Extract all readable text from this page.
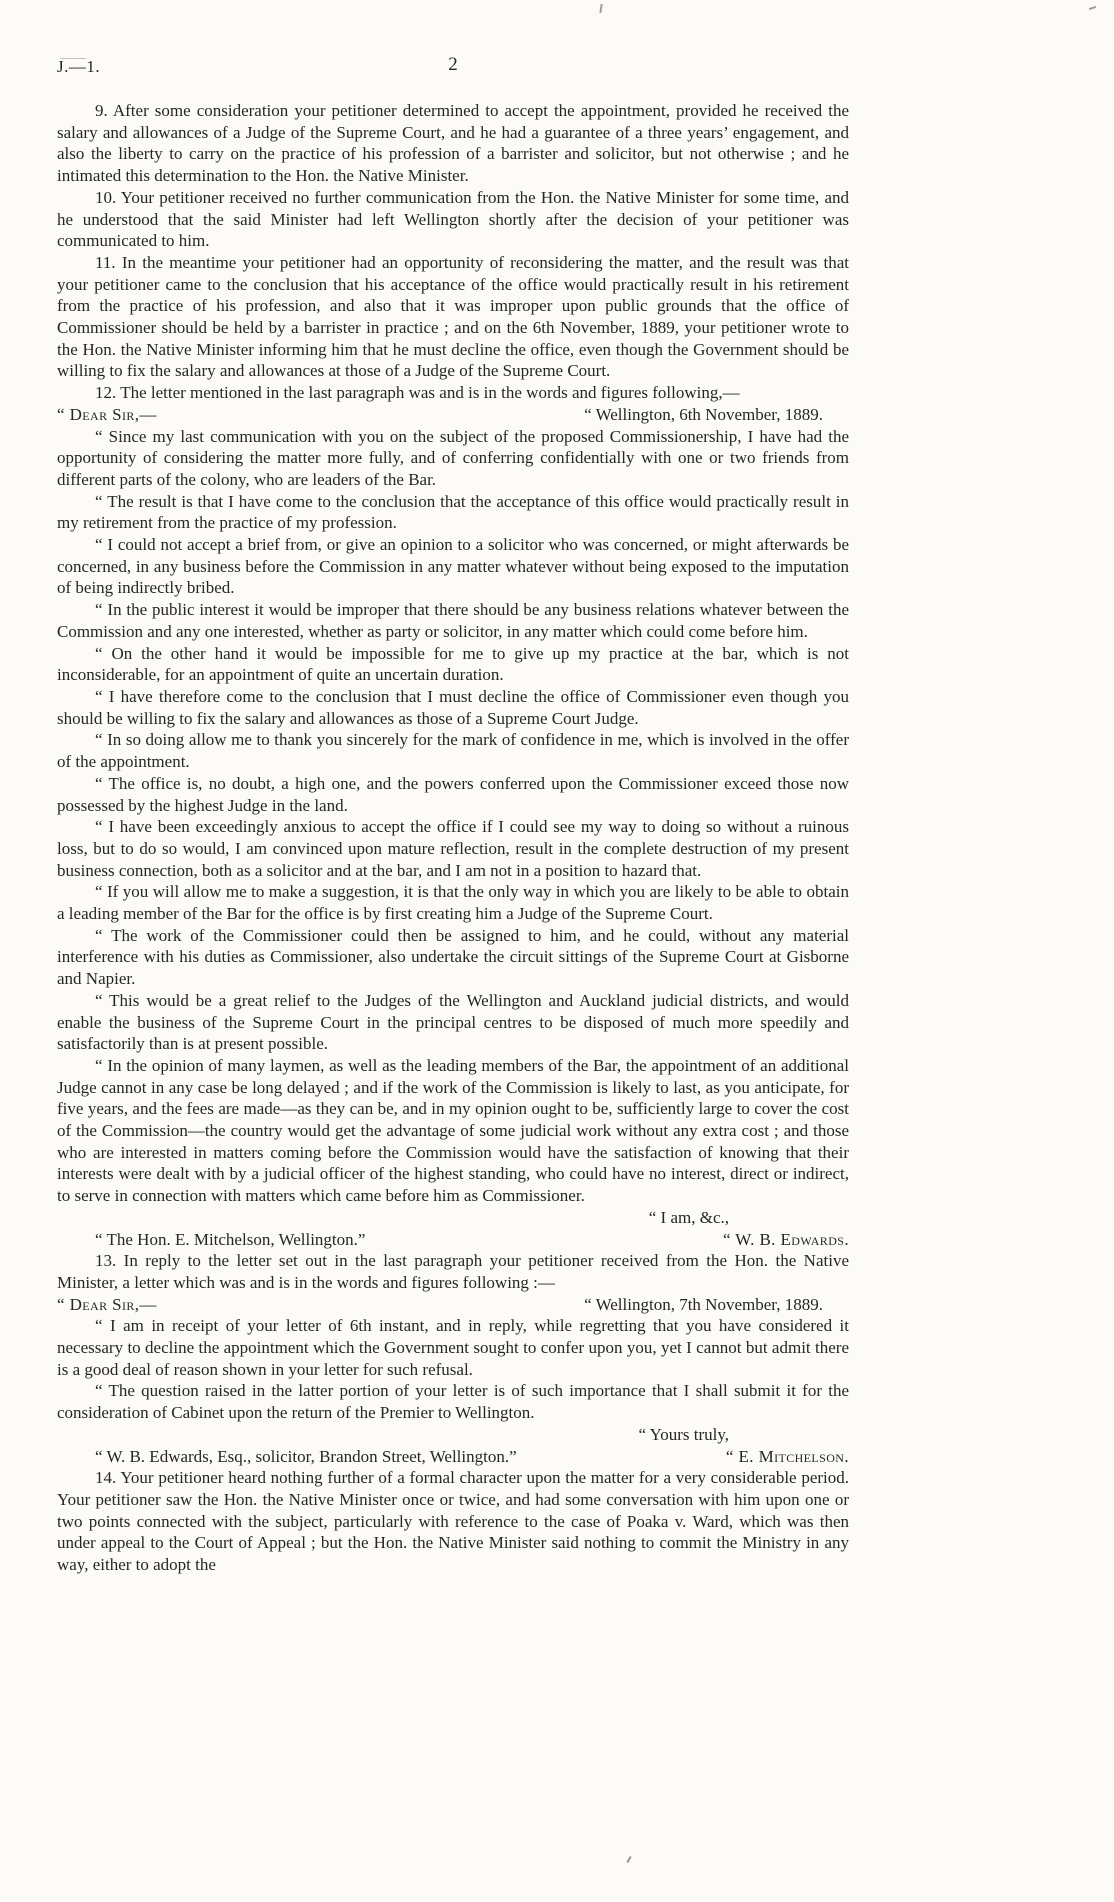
J.—1.	2

9. After some consideration your petitioner determined to accept the appointment, provided he received the salary and allowances of a Judge of the Supreme Court, and he had a guarantee of a three years’ engagement, and also the liberty to carry on the practice of his profession of a barrister and solicitor, but not otherwise ; and he intimated this determination to the Hon. the Native Minister.

10. Your petitioner received no further communication from the Hon. the Native Minister for some time, and he understood that the said Minister had left Wellington shortly after the decision of your petitioner was communicated to him.

11. In the meantime your petitioner had an opportunity of reconsidering the matter, and the result was that your petitioner came to the conclusion that his acceptance of the office would practically result in his retirement from the practice of his profession, and also that it was improper upon public grounds that the office of Commissioner should be held by a barrister in practice ; and on the 6th November, 1889, your petitioner wrote to the Hon. the Native Minister informing him that he must decline the office, even though the Government should be willing to fix the salary and allowances at those of a Judge of the Supreme Court.

12. The letter mentioned in the last paragraph was and is in the words and figures following,—

“ Dear Sir,—	“ Wellington, 6th November, 1889.

“ Since my last communication with you on the subject of the proposed Commissionership, I have had the opportunity of considering the matter more fully, and of conferring confidentially with one or two friends from different parts of the colony, who are leaders of the Bar.

“ The result is that I have come to the conclusion that the acceptance of this office would practically result in my retirement from the practice of my profession.

“ I could not accept a brief from, or give an opinion to a solicitor who was concerned, or might afterwards be concerned, in any business before the Commission in any matter whatever without being exposed to the imputation of being indirectly bribed.

“ In the public interest it would be improper that there should be any business relations whatever between the Commission and any one interested, whether as party or solicitor, in any matter which could come before him.

“ On the other hand it would be impossible for me to give up my practice at the bar, which is not inconsiderable, for an appointment of quite an uncertain duration.

“ I have therefore come to the conclusion that I must decline the office of Commissioner even though you should be willing to fix the salary and allowances as those of a Supreme Court Judge.

“ In so doing allow me to thank you sincerely for the mark of confidence in me, which is involved in the offer of the appointment.

“ The office is, no doubt, a high one, and the powers conferred upon the Commissioner exceed those now possessed by the highest Judge in the land.

“ I have been exceedingly anxious to accept the office if I could see my way to doing so without a ruinous loss, but to do so would, I am convinced upon mature reflection, result in the complete destruction of my present business connection, both as a solicitor and at the bar, and I am not in a position to hazard that.

“ If you will allow me to make a suggestion, it is that the only way in which you are likely to be able to obtain a leading member of the Bar for the office is by first creating him a Judge of the Supreme Court.

“ The work of the Commissioner could then be assigned to him, and he could, without any material interference with his duties as Commissioner, also undertake the circuit sittings of the Supreme Court at Gisborne and Napier.

“ This would be a great relief to the Judges of the Wellington and Auckland judicial districts, and would enable the business of the Supreme Court in the principal centres to be disposed of much more speedily and satisfactorily than is at present possible.

“ In the opinion of many laymen, as well as the leading members of the Bar, the appointment of an additional Judge cannot in any case be long delayed ; and if the work of the Commission is likely to last, as you anticipate, for five years, and the fees are made—as they can be, and in my opinion ought to be, sufficiently large to cover the cost of the Commission—the country would get the advantage of some judicial work without any extra cost ; and those who are interested in matters coming before the Commission would have the satisfaction of knowing that their interests were dealt with by a judicial officer of the highest standing, who could have no interest, direct or indirect, to serve in connection with matters which came before him as Commissioner.

“ I am, &c.,

“ The Hon. E. Mitchelson, Wellington.”	“ W. B. Edwards.

13. In reply to the letter set out in the last paragraph your petitioner received from the Hon. the Native Minister, a letter which was and is in the words and figures following :—

“ Dear Sir,—	“ Wellington, 7th November, 1889.

“ I am in receipt of your letter of 6th instant, and in reply, while regretting that you have considered it necessary to decline the appointment which the Government sought to confer upon you, yet I cannot but admit there is a good deal of reason shown in your letter for such refusal.

“ The question raised in the latter portion of your letter is of such importance that I shall submit it for the consideration of Cabinet upon the return of the Premier to Wellington.

“ Yours truly,

“ W. B. Edwards, Esq., solicitor, Brandon Street, Wellington.”	“ E. Mitchelson.

14. Your petitioner heard nothing further of a formal character upon the matter for a very considerable period. Your petitioner saw the Hon. the Native Minister once or twice, and had some conversation with him upon one or two points connected with the subject, particularly with reference to the case of Poaka v. Ward, which was then under appeal to the Court of Appeal ; but the Hon. the Native Minister said nothing to commit the Ministry in any way, either to adopt the
